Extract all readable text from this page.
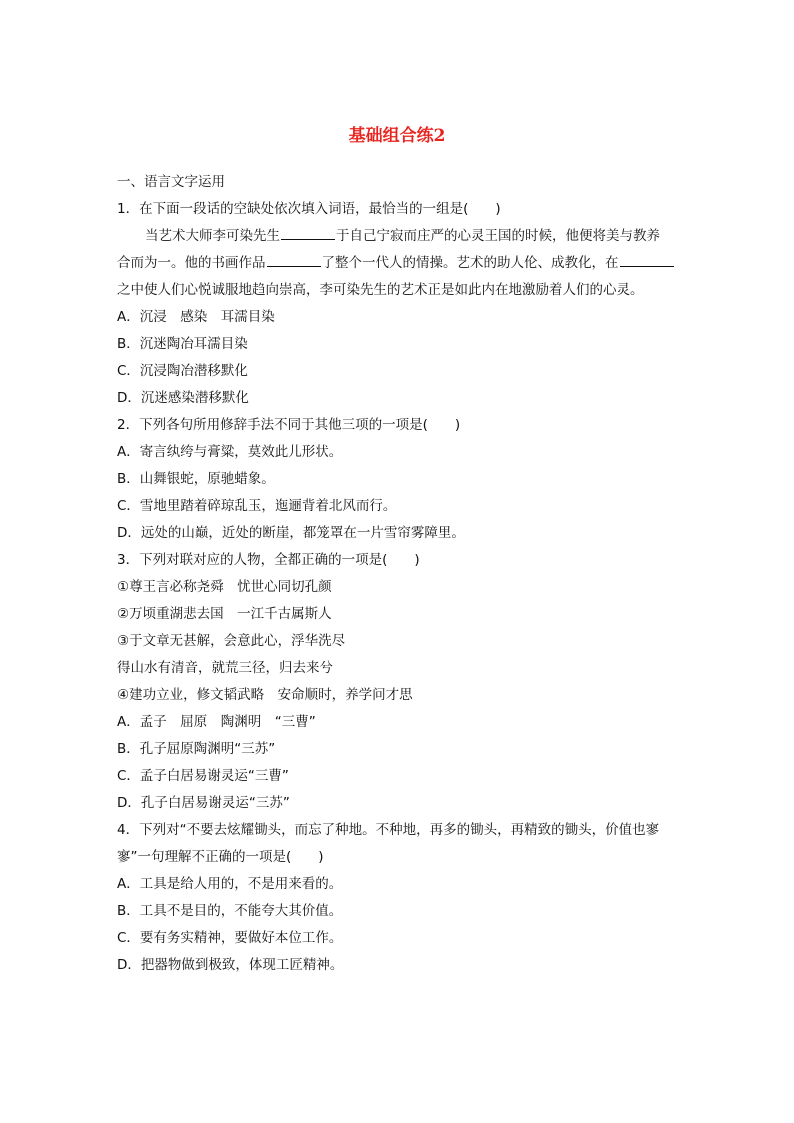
基础组合练2
一、语言文字运用
1．在下面一段话的空缺处依次填入词语，最恰当的一组是(　　)
当艺术大师李可染先生	于自己宁寂而庄严的心灵王国的时候，他便将美与教养
合而为一。他的书画作品	了整个一代人的情操。艺术的助人伦、成教化，在
之中使人们心悦诚服地趋向崇高，李可染先生的艺术正是如此内在地激励着人们的心灵。
A．沉浸　感染　耳濡目染
B．沉迷陶冶耳濡目染
C．沉浸陶冶潜移默化
D．沉迷感染潜移默化
2．下列各句所用修辞手法不同于其他三项的一项是(　　)
A．寄言纨绔与膏粱，莫效此儿形状。
B．山舞银蛇，原驰蜡象。
C．雪地里踏着碎琼乱玉，迤逦背着北风而行。
D．远处的山巅，近处的断崖，都笼罩在一片雪帘雾障里。
3．下列对联对应的人物，全都正确的一项是(　　)
①尊王言必称尧舜　忧世心同切孔颜
②万顷重湖悲去国　一江千古属斯人
③于文章无甚解，会意此心，浮华洗尽
得山水有清音，就荒三径，归去来兮
④建功立业，修文韬武略　安命顺时，养学问才思
A．孟子　屈原　陶渊明　“三曹”
B．孔子屈原陶渊明“三苏”
C．孟子白居易谢灵运“三曹”
D．孔子白居易谢灵运“三苏”
4．下列对“不要去炫耀锄头，而忘了种地。不种地，再多的锄头，再精致的锄头，价值也寥
寥”一句理解不正确的一项是(　　)
A．工具是给人用的，不是用来看的。
B．工具不是目的，不能夸大其价值。
C．要有务实精神，要做好本位工作。
D．把器物做到极致，体现工匠精神。
